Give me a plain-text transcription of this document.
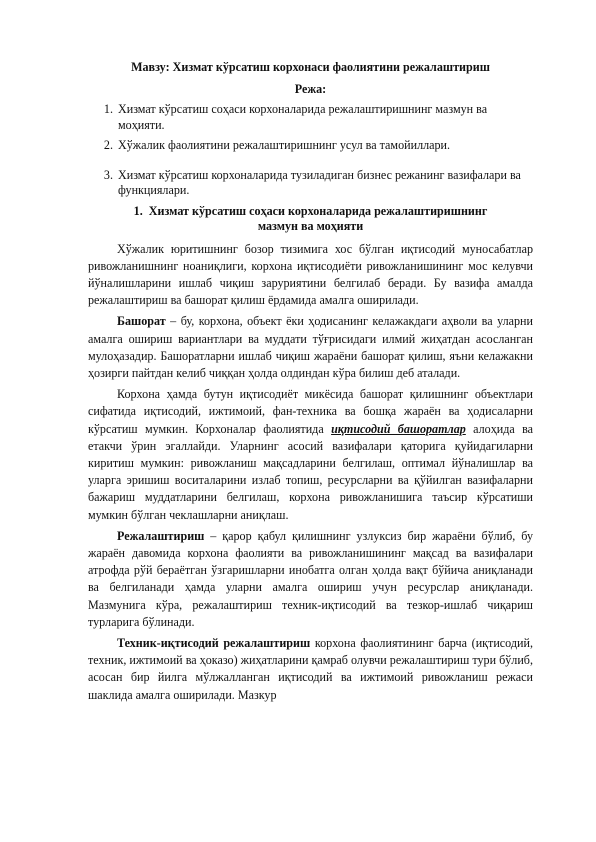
Мавзу: Хизмат кўрсатиш корхонаси фаолиятини режалаштириш

Режа:

1. Хизмат кўрсатиш соҳаси корхоналарида режалаштиришнинг мазмун ва моҳияти.
2. Хўжалик фаолиятини режалаштиришнинг усул ва тамойиллари.
3. Хизмат кўрсатиш корхоналарида тузиладиган бизнес режанинг вазифалари ва функциялари.
1. Хизмат кўрсатиш соҳаси корхоналарида режалаштиришнинг
мазмун ва моҳияти

Хўжалик юритишнинг бозор тизимига хос бўлган иқтисодий муносабатлар ривожланишнинг ноаниқлиги, корхона иқтисодиёти ривожланишининг мос келувчи йўналишларини ишлаб чиқиш заруриятини белгилаб беради. Бу вазифа амалда режалаштириш ва башорат қилиш ёрдамида амалга оширилади.

Башорат – бу, корхона, объект ёки ҳодисанинг келажакдаги аҳволи ва уларни амалга ошириш вариантлари ва муддати тўғрисидаги илмий жиҳатдан асосланган мулоҳазадир. Башоратларни ишлаб чиқиш жараёни башорат қилиш, яъни келажакни ҳозирги пайтдан келиб чиққан ҳолда олдиндан кўра билиш деб аталади.

Корхона ҳамда бутун иқтисодиёт микёсида башорат қилишнинг объектлари сифатида иқтисодий, ижтимоий, фан-техника ва бошқа жараён ва ҳодисаларни кўрсатиш мумкин. Корхоналар фаолиятида иқтисодий башоратлар алоҳида ва етакчи ўрин эгаллайди. Уларнинг асосий вазифалари қаторига қуйидагиларни киритиш мумкин: ривожланиш мақсадларини белгилаш, оптимал йўналишлар ва уларга эришиш воситаларини излаб топиш, ресурсларни ва қўйилган вазифаларни бажариш муддатларини белгилаш, корхона ривожланишига таъсир кўрсатиши мумкин бўлган чеклашларни аниқлаш.

Режалаштириш – қарор қабул қилишнинг узлуксиз бир жараёни бўлиб, бу жараён давомида корхона фаолияти ва ривожланишининг мақсад ва вазифалари атрофда рўй бераётган ўзгаришларни инобатга олган ҳолда вақт бўйича аниқланади ва белгиланади ҳамда уларни амалга ошириш учун ресурслар аниқланади. Мазмунига кўра, режалаштириш техник-иқтисодий ва тезкор-ишлаб чиқариш турларига бўлинади.

Техник-иқтисодий режалаштириш корхона фаолиятининг барча (иқтисодий, техник, ижтимоий ва ҳоказо) жиҳатларини қамраб олувчи режалаштириш тури бўлиб, асосан бир йилга мўлжалланган иқтисодий ва ижтимоий ривожланиш режаси шаклида амалга оширилади. Мазкур
